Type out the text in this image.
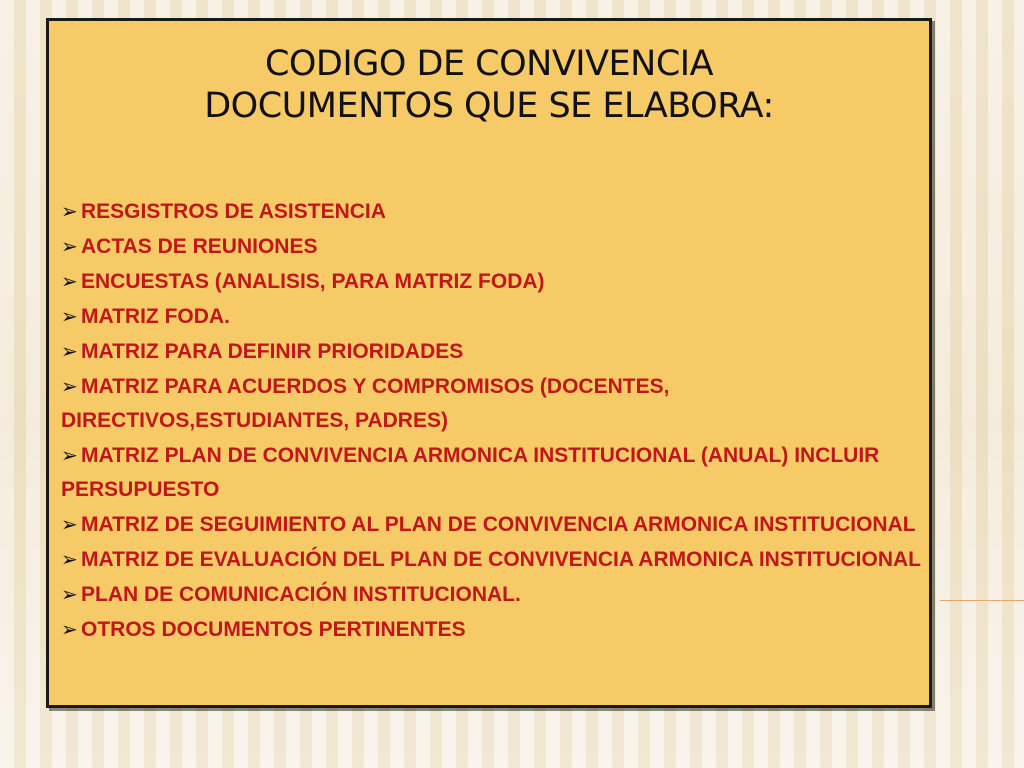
CODIGO DE CONVIVENCIA
DOCUMENTOS QUE SE ELABORA:
➢ RESGISTROS DE ASISTENCIA
➢ ACTAS DE REUNIONES
➢ ENCUESTAS (ANALISIS, PARA MATRIZ FODA)
➢ MATRIZ FODA.
➢ MATRIZ PARA DEFINIR PRIORIDADES
➢ MATRIZ PARA ACUERDOS Y COMPROMISOS (DOCENTES, DIRECTIVOS,ESTUDIANTES, PADRES)
➢ MATRIZ PLAN DE CONVIVENCIA ARMONICA INSTITUCIONAL (ANUAL) INCLUIR PERSUPUESTO
➢ MATRIZ DE SEGUIMIENTO AL PLAN DE CONVIVENCIA ARMONICA INSTITUCIONAL
➢ MATRIZ DE EVALUACIÓN DEL PLAN DE CONVIVENCIA ARMONICA INSTITUCIONAL
➢ PLAN DE COMUNICACIÓN INSTITUCIONAL.
➢ OTROS DOCUMENTOS PERTINENTES
